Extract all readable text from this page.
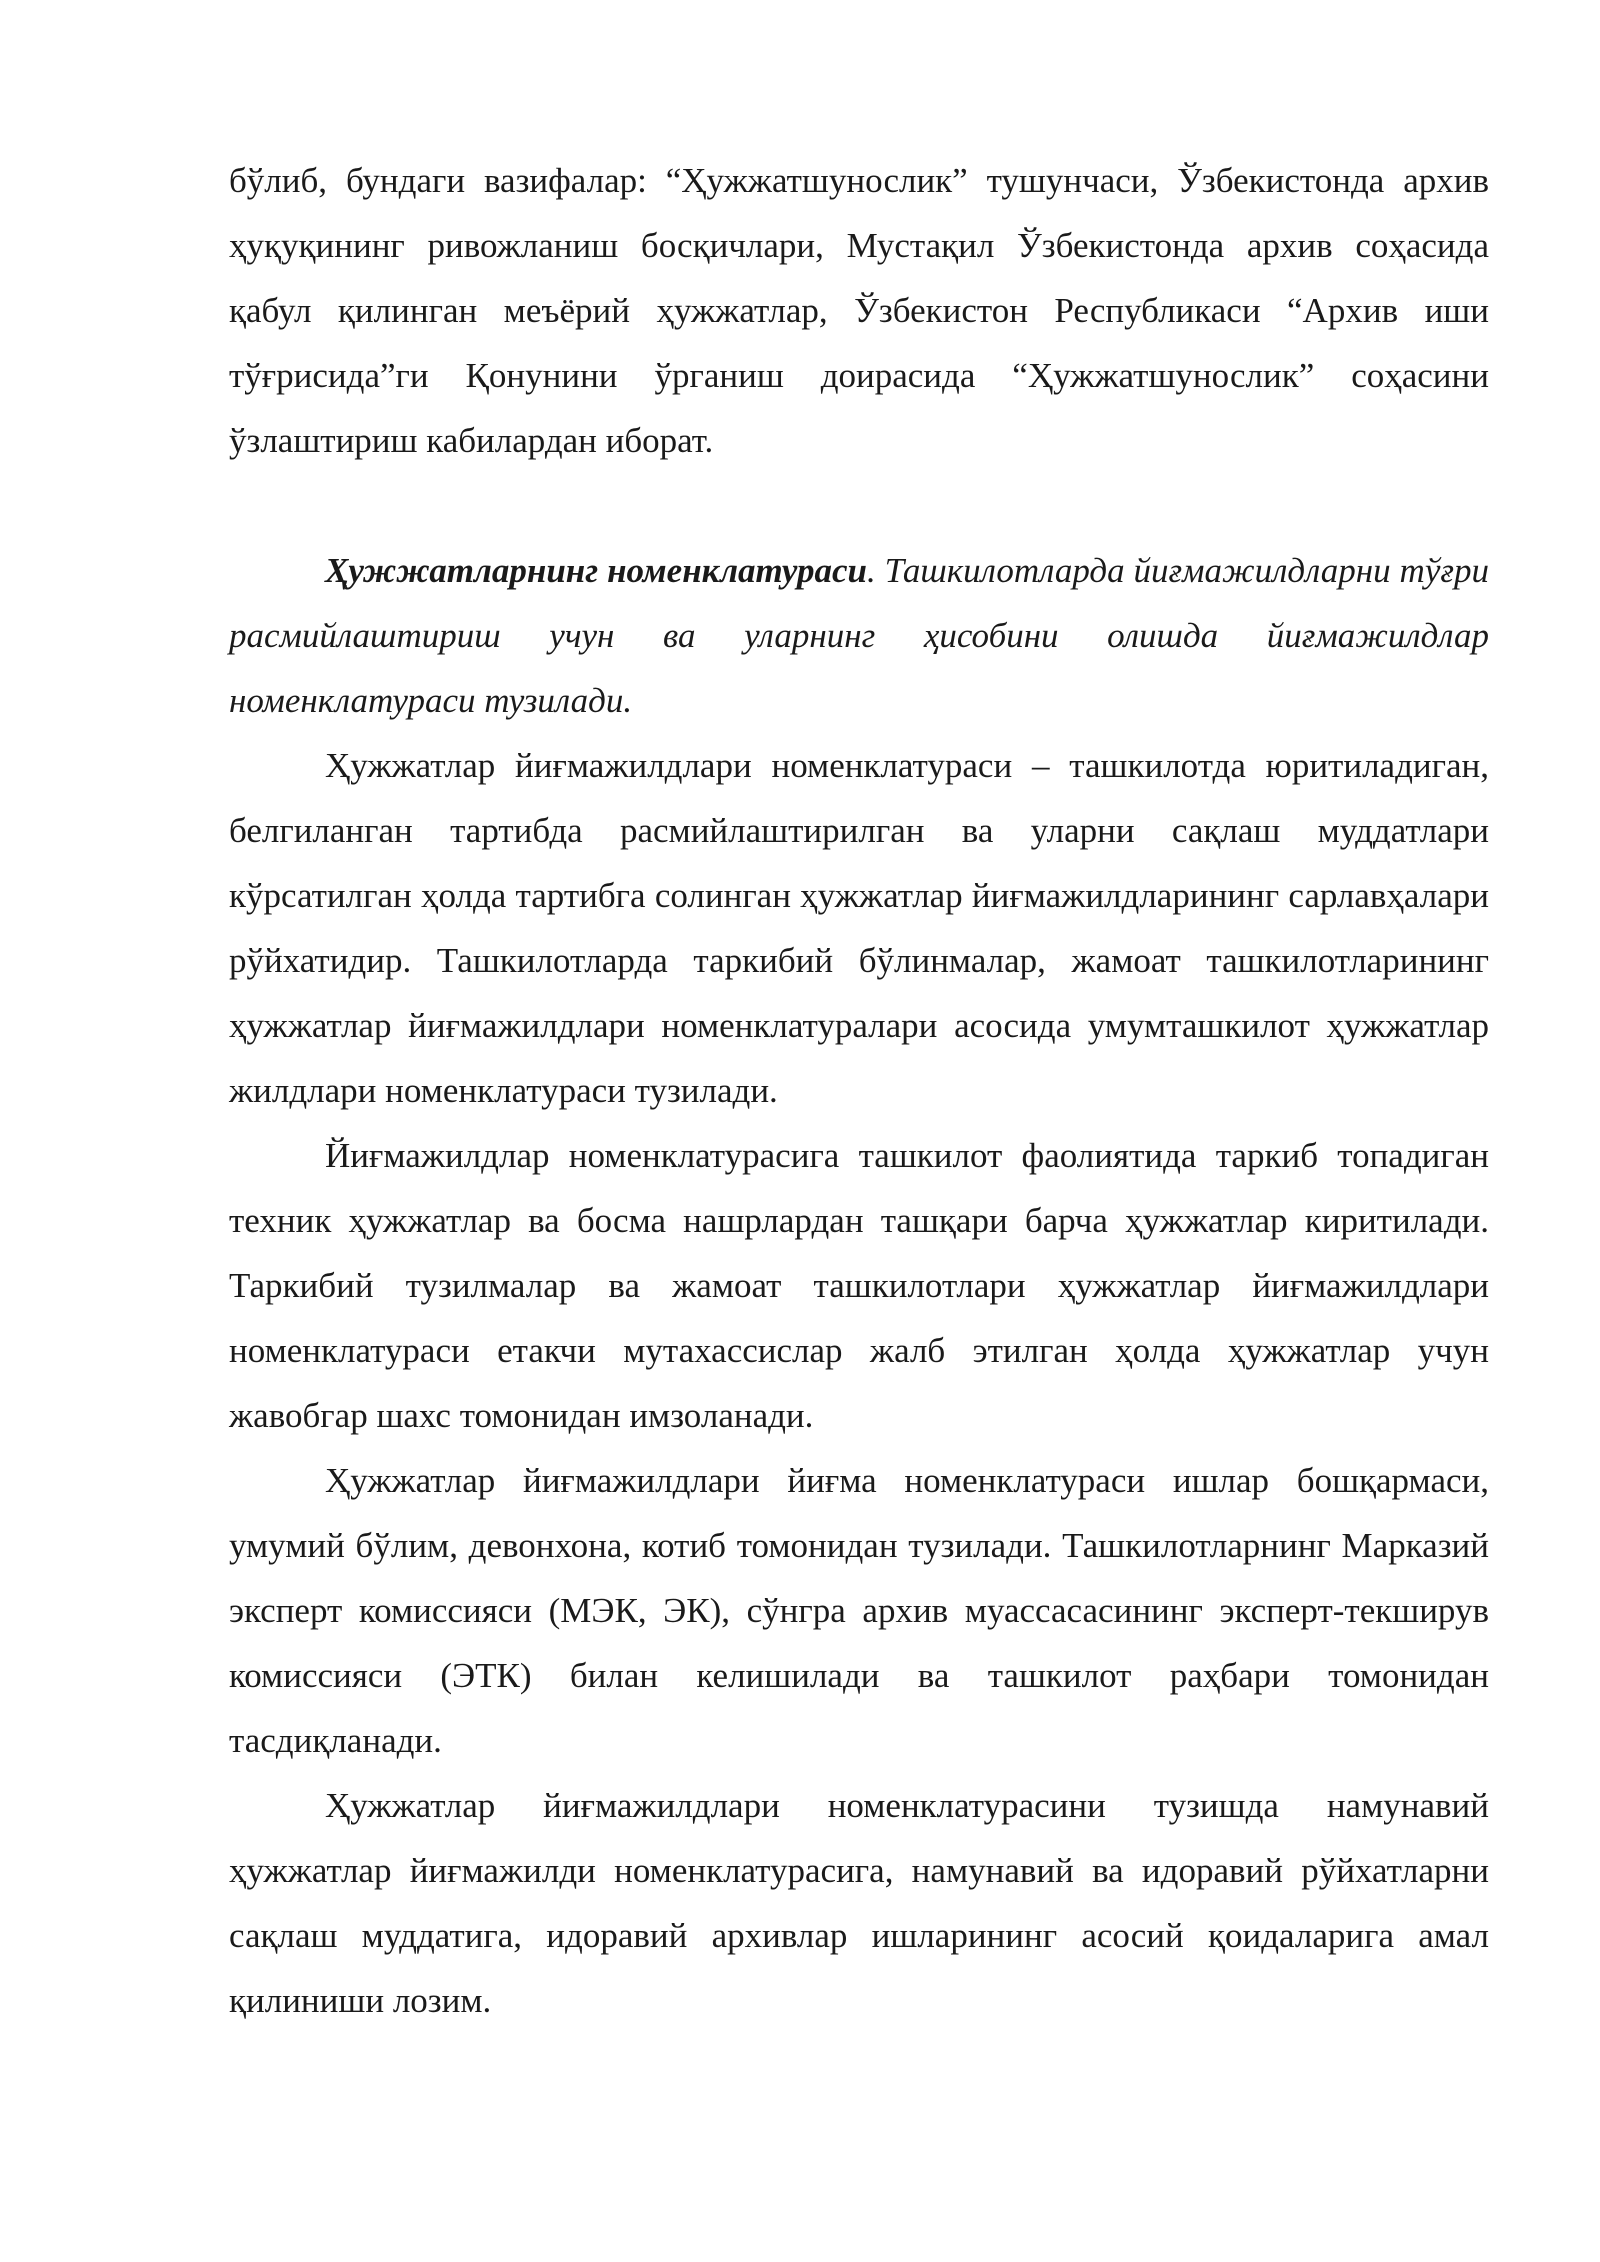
бўлиб, бундаги вазифалар: “Ҳужжатшунослик” тушунчаси, Ўзбекистонда архив ҳуқуқининг ривожланиш босқичлари, Мустақил Ўзбекистонда архив соҳасида қабул қилинган меъёрий ҳужжатлар, Ўзбекистон Республикаси “Архив иши тўғрисида”ги Қонунини ўрганиш доирасида “Ҳужжатшунослик” соҳасини ўзлаштириш кабилардан иборат.

Ҳужжатларнинг номенклатураси. Ташкилотларда йиғмажилдларни тўғри расмийлаштириш учун ва уларнинг ҳисобини олишда йиғмажилдлар номенклатураси тузилади.

Ҳужжатлар йиғмажилдлари номенклатураси – ташкилотда юритиладиган, белгиланган тартибда расмийлаштирилган ва уларни сақлаш муддатлари кўрсатилган ҳолда тартибга солинган ҳужжатлар йиғмажилдларининг сарлавҳалари рўйхатидир. Ташкилотларда таркибий бўлинмалар, жамоат ташкилотларининг ҳужжатлар йиғмажилдлари номенклатуралари асосида умумташкилот ҳужжатлар жилдлари номенклатураси тузилади.

Йиғмажилдлар номенклатурасига ташкилот фаолиятида таркиб топадиган техник ҳужжатлар ва босма нашрлардан ташқари барча ҳужжатлар киритилади. Таркибий тузилмалар ва жамоат ташкилотлари ҳужжатлар йиғмажилдлари номенклатураси етакчи мутахассислар жалб этилган ҳолда ҳужжатлар учун жавобгар шахс томонидан имзоланади.

Ҳужжатлар йиғмажилдлари йиғма номенклатураси ишлар бошқармаси, умумий бўлим, девонхона, котиб томонидан тузилади. Ташкилотларнинг Марказий эксперт комиссияси (МЭК, ЭК), сўнгра архив муассасасининг эксперт-текширув комиссияси (ЭТК) билан келишилади ва ташкилот раҳбари томонидан тасдиқланади.

Ҳужжатлар йиғмажилдлари номенклатурасини тузишда намунавий ҳужжатлар йиғмажилди номенклатурасига, намунавий ва идоравий рўйхатларни сақлаш муддатига, идоравий архивлар ишларининг асосий қоидаларига амал қилиниши лозим.
